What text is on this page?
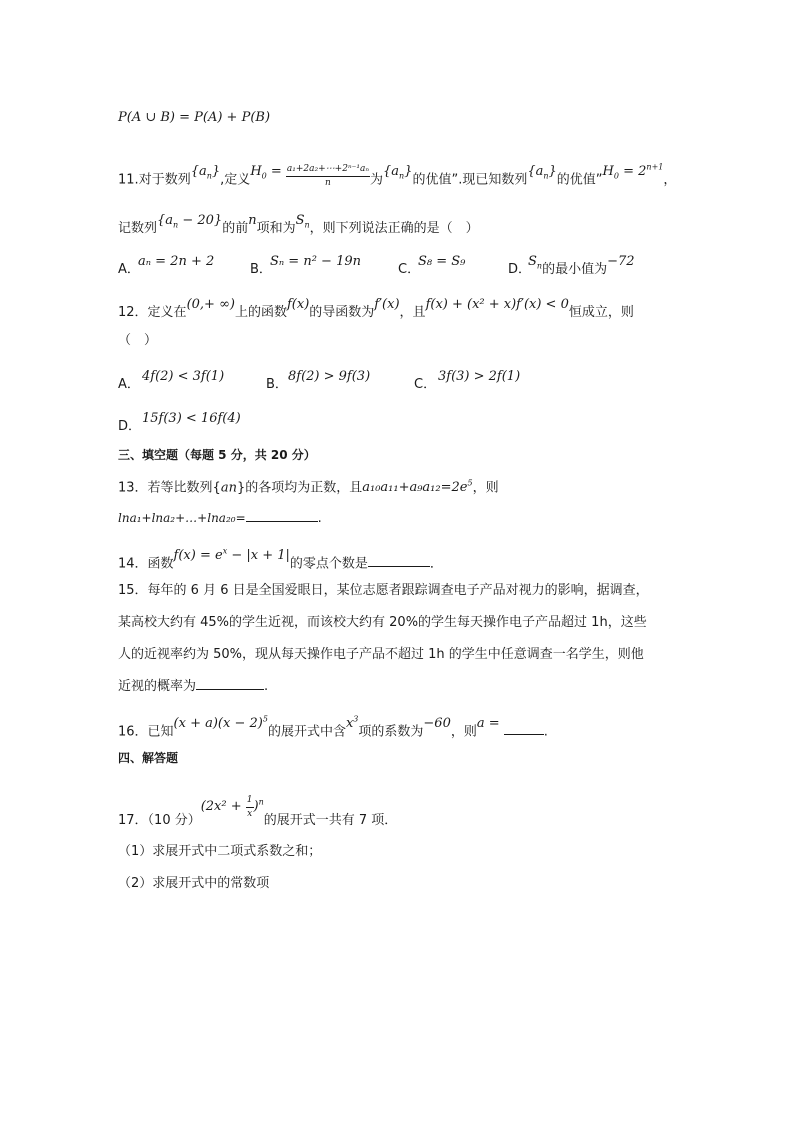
P(A ∪ B) = P(A) + P(B)
11.对于数列$\{a_n\}$,定义$H_0 = \frac{\text{a₁+2a₂+⋯+2ⁿ⁻¹aₙ}}{n}$ 为$\{a_n\}$的优值”.现已知数列$\{a_n\}$的优值$”H_0 = 2^{n+1}$，
记数列$\{a_n - 20\}$的前n项和为$S_n$，则下列说法正确的是（　）
A．aₙ = 2n + 2B．Sₙ = n² − 19nC．S₈ = S₉D．$S_n$的最小值为−72
12．定义在(0,+ ∞)上的函数f(x)的导函数为f′(x)，且f(x) + (x² + x)f′(x) < 0恒成立，则
（　）
A．4f(2) < 3f(1)B．8f(2) > 9f(3)C．3f(3) > 2f(1)
D．15f(3) < 16f(4)
三、填空题（每题 5 分，共 20 分）
13．若等比数列{an}的各项均为正数，且$a_{10}a_{11}+a_9a_{12}=2e^5$，则
lna₁+lna₂+…+lna₂₀=	.
14．函数$f(x) = e^x - |x + 1|$的零点个数是	．
15．每年的 6 月 6 日是全国爱眼日，某位志愿者跟踪调查电子产品对视力的影响，据调查，
某高校大约有 45%的学生近视，而该校大约有 20%的学生每天操作电子产品超过 1h，这些
人的近视率约为 50%，现从每天操作电子产品不超过 1h 的学生中任意调查一名学生，则他
近视的概率为	.
16．已知$(x + a)(x - 2)^5$的展开式中含$x^3$项的系数为−60，则a = .
四、解答题
17．（10 分）$(2x^2 + \frac{1}{x} )^n$的展开式一共有 7 项．
（1）求展开式中二项式系数之和；
（2）求展开式中的常数项
